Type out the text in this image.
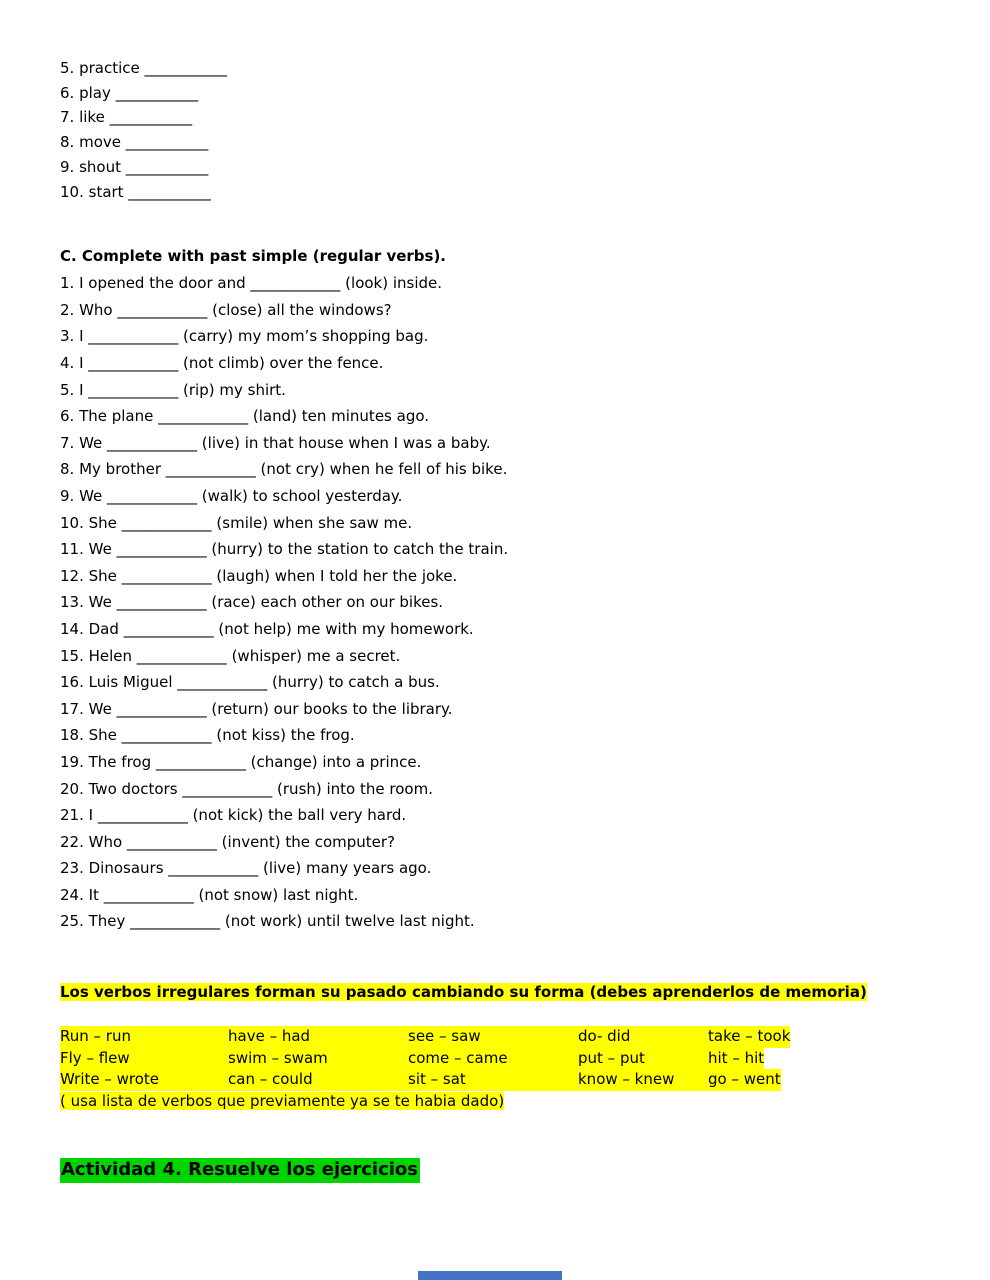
5. practice ___________
6. play ___________
7. like ___________
8. move ___________
9. shout ___________
10. start ___________
C. Complete with past simple (regular verbs).
1. I opened the door and ____________ (look) inside.
2. Who ____________ (close) all the windows?
3. I ____________ (carry) my mom’s shopping bag.
4. I ____________ (not climb) over the fence.
5. I ____________ (rip) my shirt.
6. The plane ____________ (land) ten minutes ago.
7. We ____________ (live) in that house when I was a baby.
8. My brother ____________ (not cry) when he fell of his bike.
9. We ____________ (walk) to school yesterday.
10. She ____________ (smile) when she saw me.
11. We ____________ (hurry) to the station to catch the train.
12. She ____________ (laugh) when I told her the joke.
13. We ____________ (race) each other on our bikes.
14. Dad ____________ (not help) me with my homework.
15. Helen ____________ (whisper) me a secret.
16. Luis Miguel ____________ (hurry) to catch a bus.
17. We ____________ (return) our books to the library.
18. She ____________ (not kiss) the frog.
19. The frog ____________ (change) into a prince.
20. Two doctors ____________ (rush) into the room.
21. I ____________ (not kick) the ball very hard.
22. Who ____________ (invent) the computer?
23. Dinosaurs ____________ (live) many years ago.
24. It ____________ (not snow) last night.
25. They ____________ (not work) until twelve last night.

Los verbos irregulares forman su pasado cambiando su forma (debes aprenderlos de memoria)

Run – run	have – had	see – saw	do- did	take – took
Fly – flew	swim – swam	come – came	put – put	hit – hit
Write – wrote	can – could	sit – sat	know – knew	go – went
( usa lista de verbos que previamente ya se te habia dado)
Actividad 4. Resuelve los ejercicios
